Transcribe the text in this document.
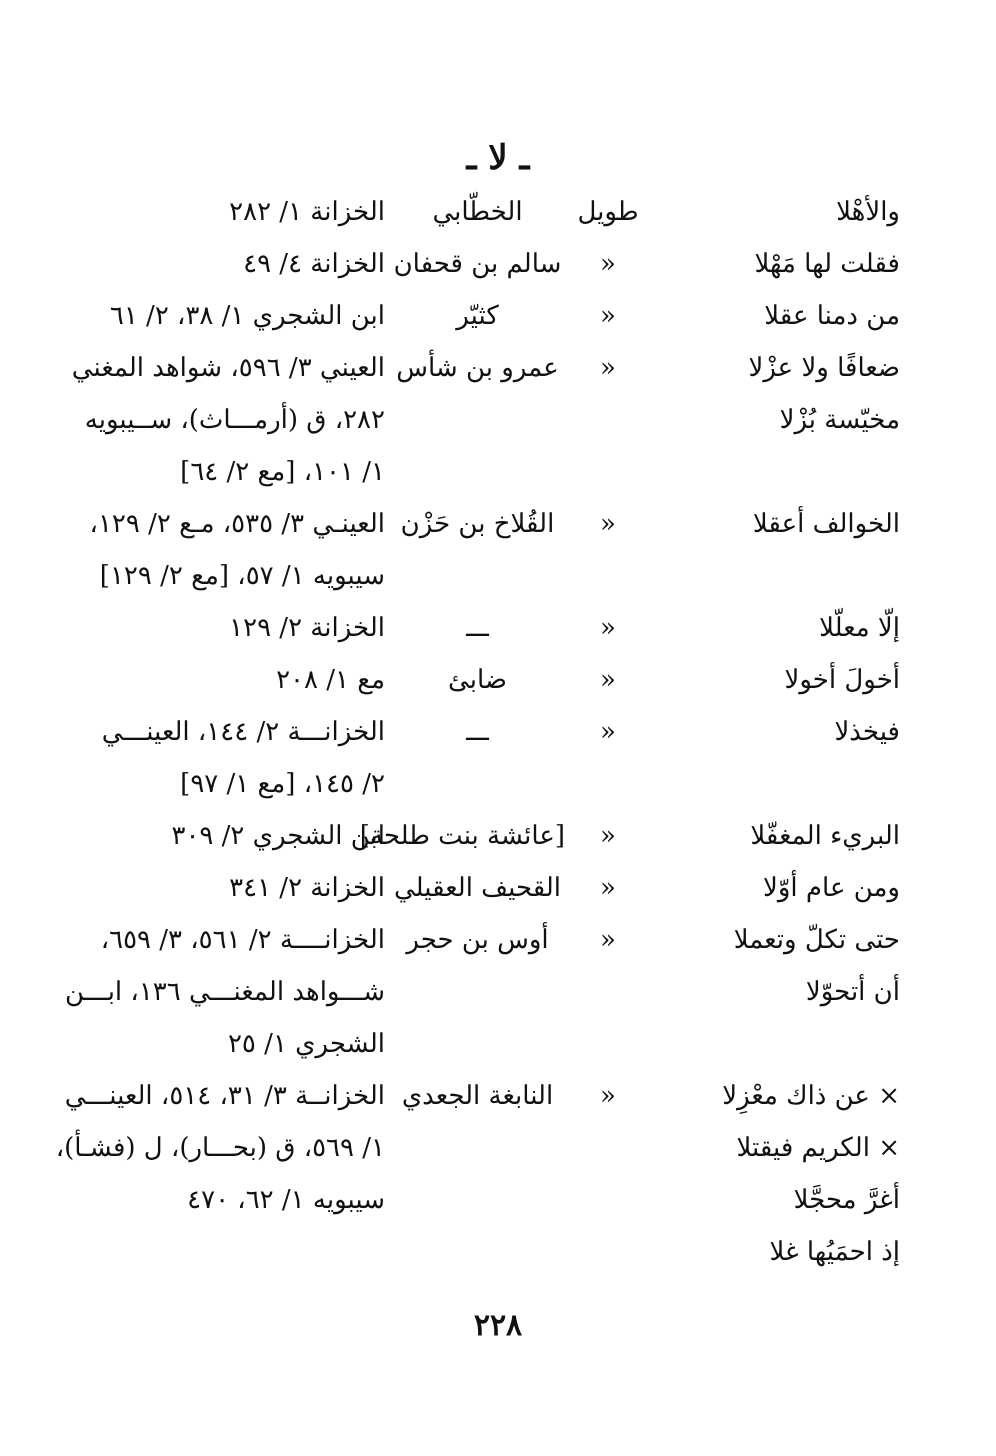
ـ لا ـ
والأهْلا
طويل
الخطّابي
الخزانة ١/ ٢٨٢
فقلت لها مَهْلا
«
سالم بن قحفان
الخزانة ٤/ ٤٩
من دمنا عقلا
«
كثيّر
ابن الشجري ١/ ٣٨، ٢/ ٦١
ضعافًا ولا عزْلا
«
عمرو بن شأس
العيني ٣/ ٥٩٦، شواهد المغني
مخيّسة بُزْلا
٢٨٢، ق (أرمـــاث)، ســيبويه
١/ ١٠١، [مع ٢/ ٦٤]
الخوالف أعقلا
«
القُلاخ بن حَزْن
العينـي ٣/ ٥٣٥، مـع ٢/ ١٢٩،
سيبويه ١/ ٥٧، [مع ٢/ ١٢٩]
إلّا معلّلا
«
ـــ
الخزانة ٢/ ١٢٩
أخولَ أخولا
«
ضابئ
مع ١/ ٢٠٨
فيخذلا
«
ـــ
الخزانـــة ٢/ ١٤٤، العينـــي
٢/ ١٤٥، [مع ١/ ٩٧]
البريء المغفّلا
«
[عائشة بنت طلحة]
ابن الشجري ٢/ ٣٠٩
ومن عام أوّلا
«
القحيف العقيلي
الخزانة ٢/ ٣٤١
حتى تكلّ وتعملا
«
أوس بن حجر
الخزانــــة ٢/ ٥٦١، ٣/ ٦٥٩،
أن أتحوّلا
شـــواهد المغنـــي ١٣٦، ابـــن
الشجري ١/ ٢٥
× عن ذاك معْزِلا
«
النابغة الجعدي
الخزانــة ٣/ ٣١، ٥١٤، العينـــي
× الكريم فيقتلا
١/ ٥٦٩، ق (بحـــار)، ل (فشـأ)،
أغرَّ محجَّلا
سيبويه ١/ ٦٢، ٤٧٠
إذ احمَيُها غلا
٢٢٨
